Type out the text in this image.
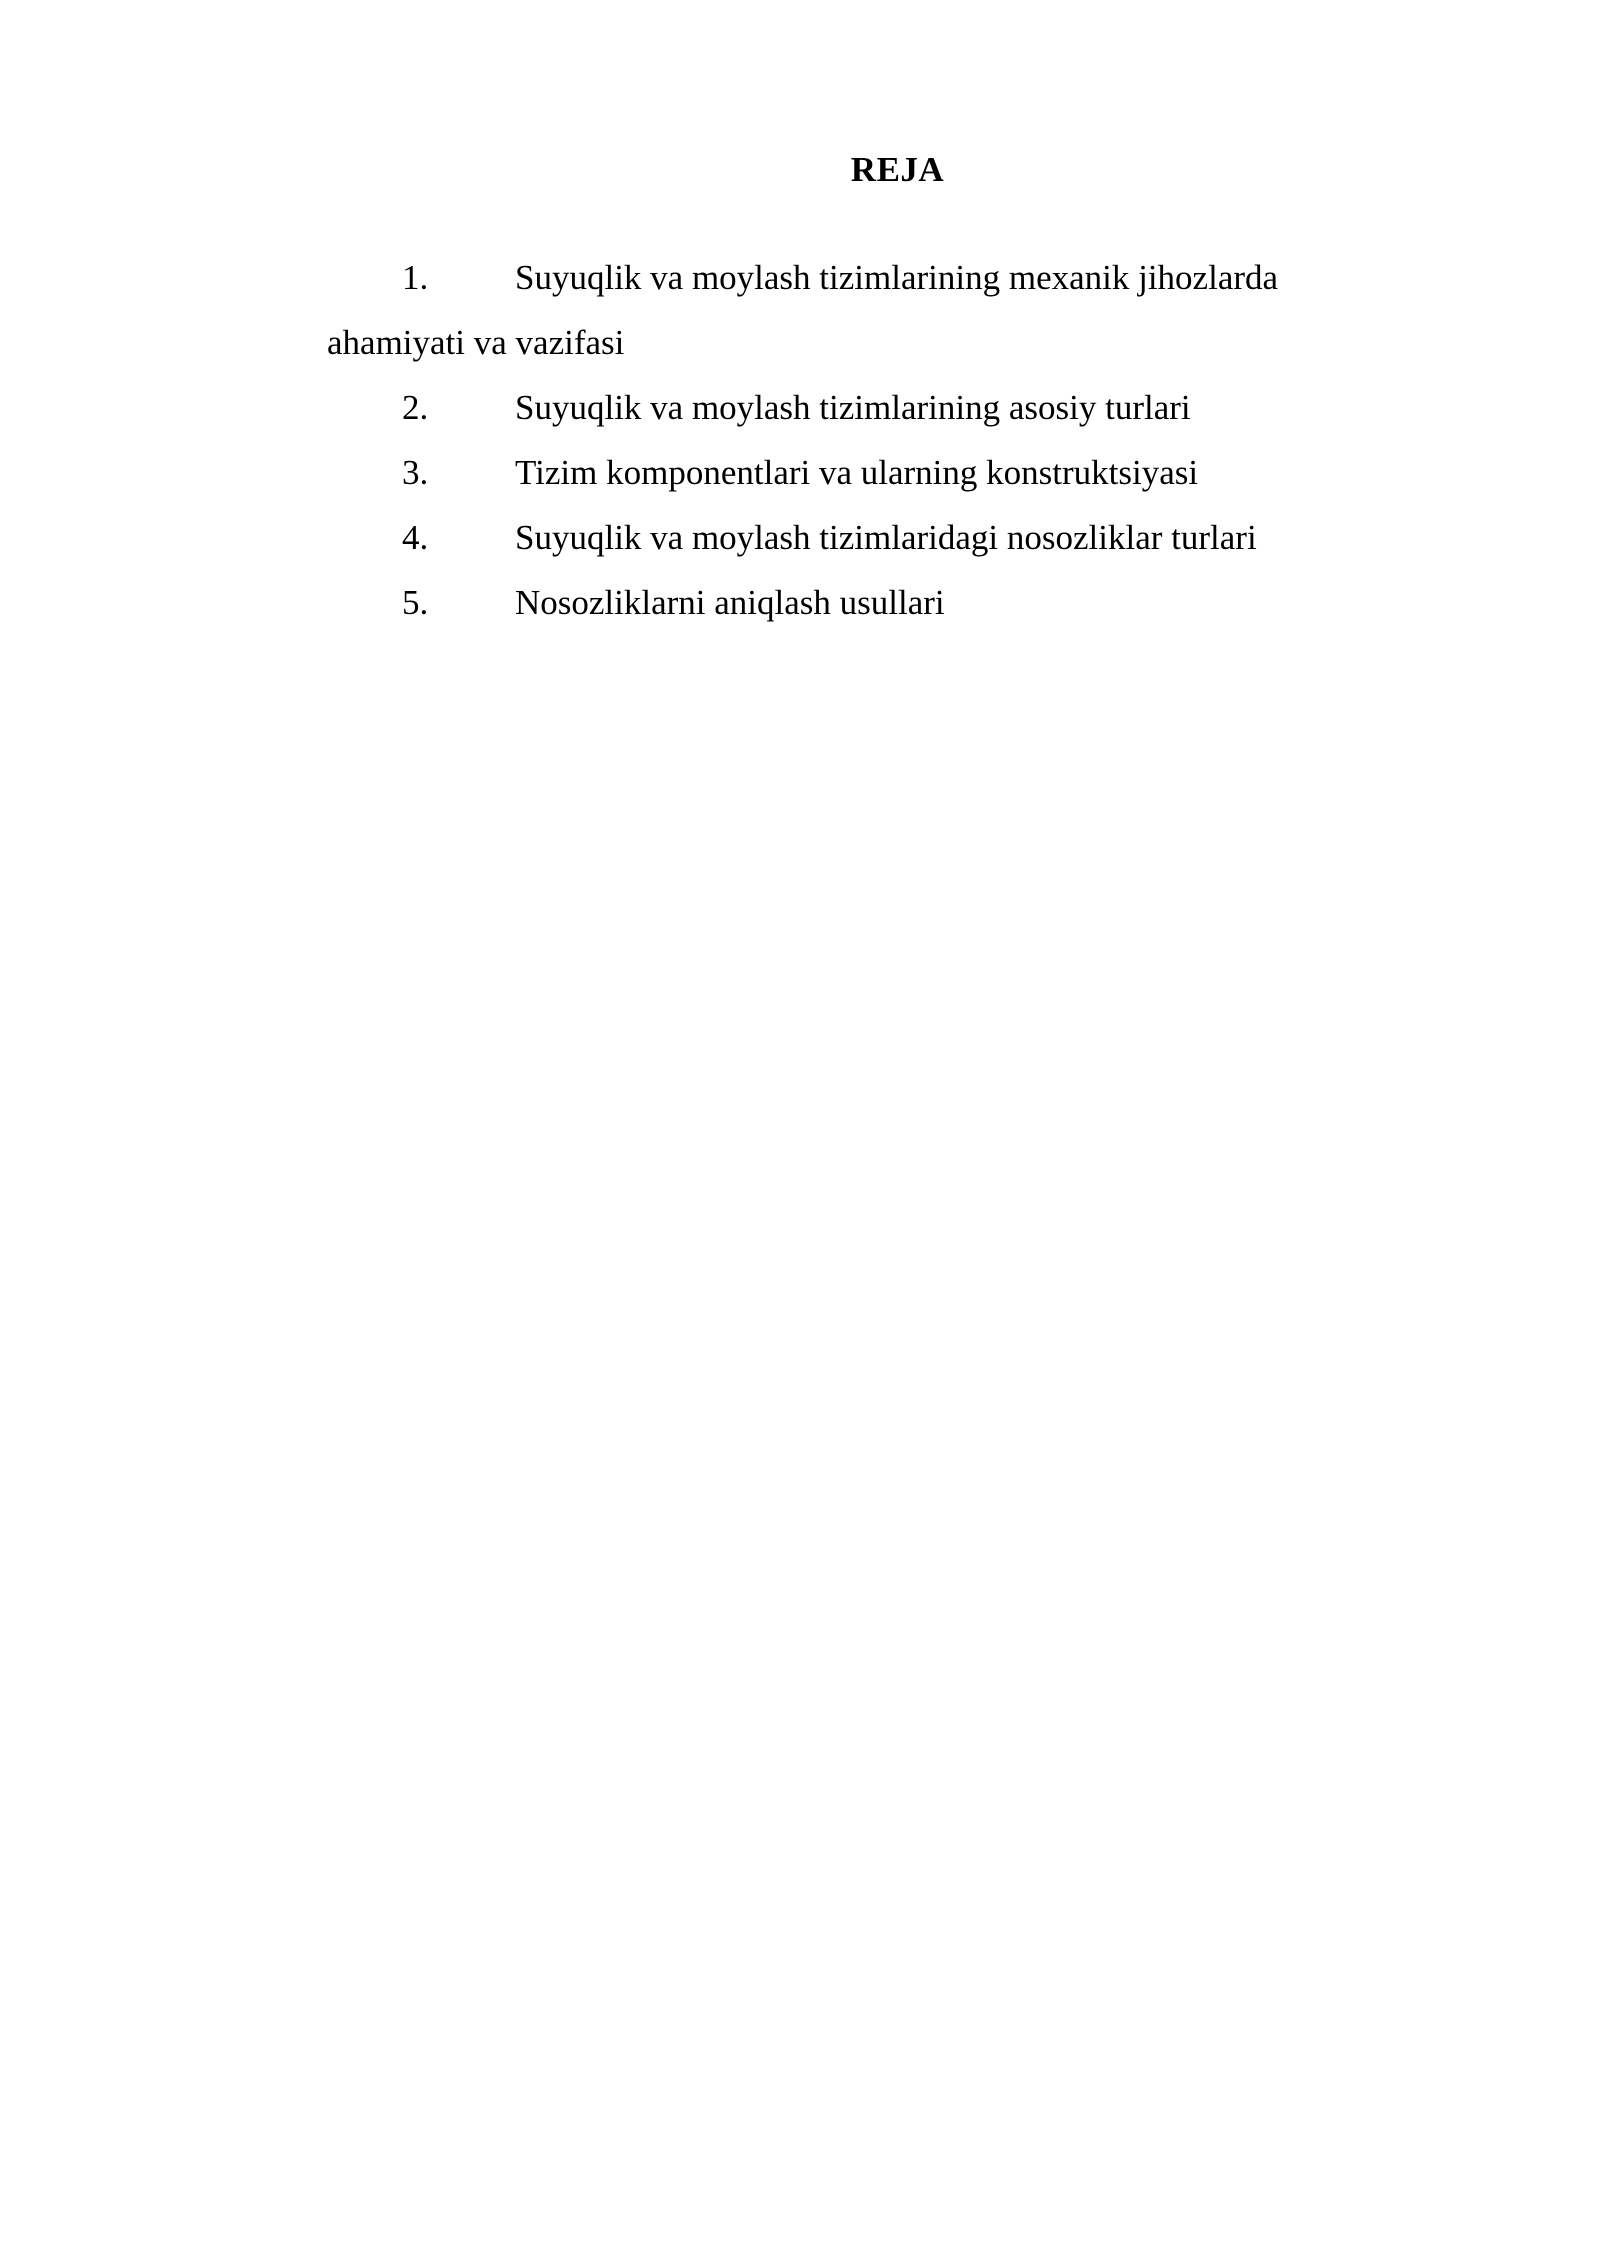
REJA
1. Suyuqlik va moylash tizimlarining mexanik jihozlarda
ahamiyati va vazifasi
2. Suyuqlik va moylash tizimlarining asosiy turlari
3. Tizim komponentlari va ularning konstruktsiyasi
4. Suyuqlik va moylash tizimlaridagi nosozliklar turlari
5. Nosozliklarni aniqlash usullari
